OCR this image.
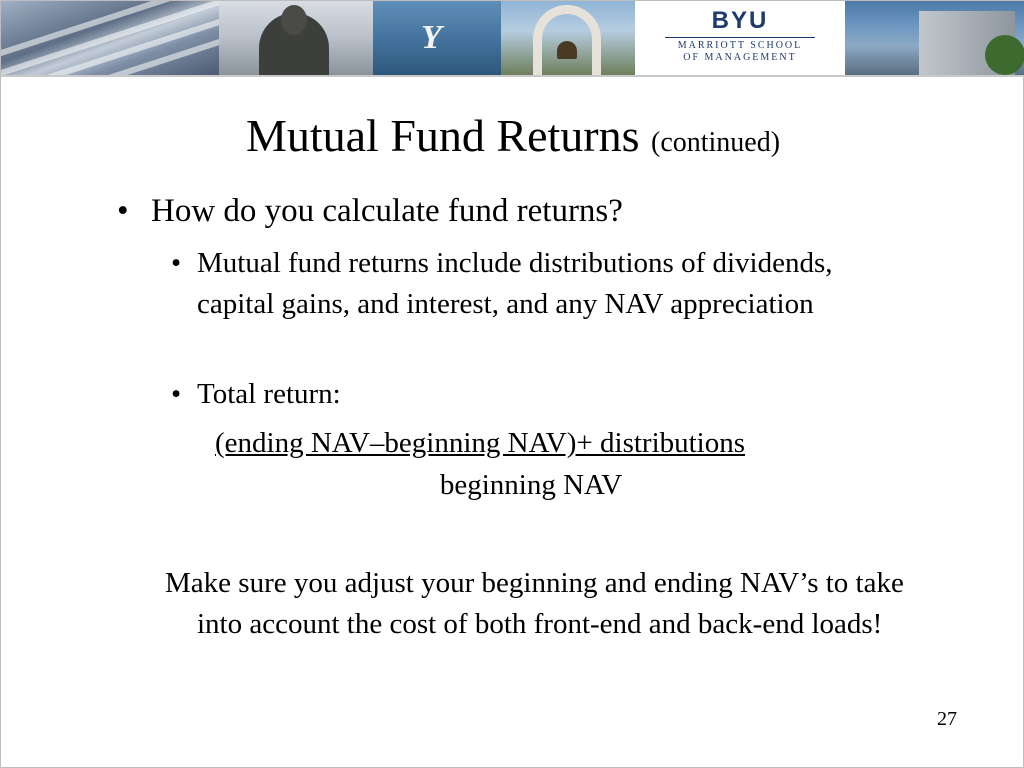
Y	BYU
MARRIOTT SCHOOL
OF MANAGEMENT
Mutual Fund Returns (continued)
• How do you calculate fund returns?
• Mutual fund returns include distributions of dividends, capital gains, and interest, and any NAV appreciation
• Total return:
(ending NAV–beginning NAV)+ distributions
beginning NAV
Make sure you adjust your beginning and ending NAV’s to take into account the cost of both front-end and back-end loads!
27
